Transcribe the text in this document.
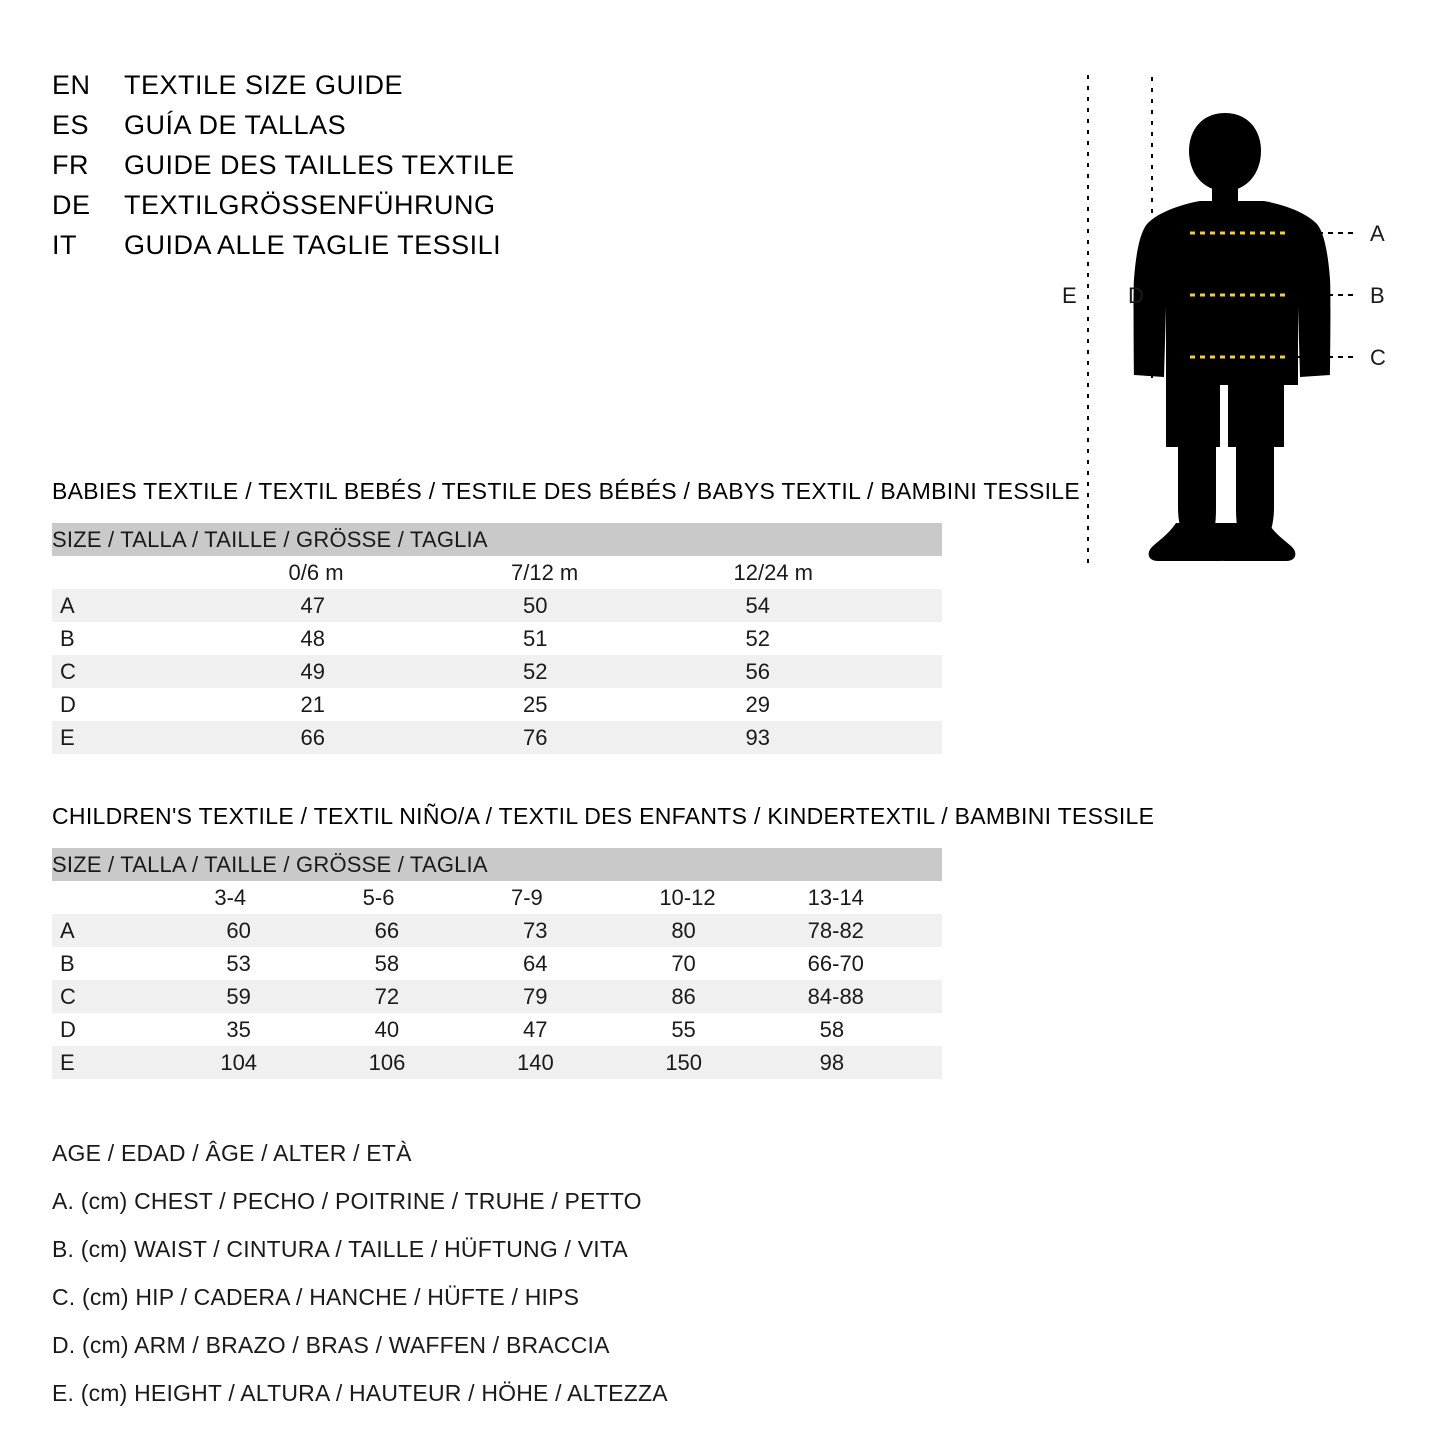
EN	TEXTILE SIZE GUIDE
ES	GUÍA DE TALLAS
FR	GUIDE DES TAILLES TEXTILE
DE	TEXTILGRÖSSENFÜHRUNG
IT	GUIDA ALLE TAGLIE TESSILI	A
B
C
D
E
BABIES TEXTILE / TEXTIL BEBÉS / TESTILE DES BÉBÉS / BABYS TEXTIL / BAMBINI TESSILE
SIZE / TALLA / TAILLE / GRÖSSE / TAGLIA			
	0/6 m	7/12 m	12/24 m
A	47	50	54
B	48	51	52
C	49	52	56
D	21	25	29
E	66	76	93
CHILDREN'S TEXTILE / TEXTIL NIÑO/A / TEXTIL DES ENFANTS / KINDERTEXTIL / BAMBINI TESSILE
SIZE / TALLA / TAILLE / GRÖSSE / TAGLIA					
	3-4	5-6	7-9	10-12	13-14
A	60	66	73	80	78-82
B	53	58	64	70	66-70
C	59	72	79	86	84-88
D	35	40	47	55	58
E	104	106	140	150	98
AGE / EDAD / ÂGE / ALTER / ETÀ
A. (cm) CHEST / PECHO / POITRINE / TRUHE / PETTO
B. (cm) WAIST / CINTURA / TAILLE / HÜFTUNG / VITA
C. (cm) HIP / CADERA / HANCHE / HÜFTE / HIPS
D. (cm) ARM / BRAZO / BRAS / WAFFEN / BRACCIA
E. (cm) HEIGHT / ALTURA / HAUTEUR / HÖHE / ALTEZZA
